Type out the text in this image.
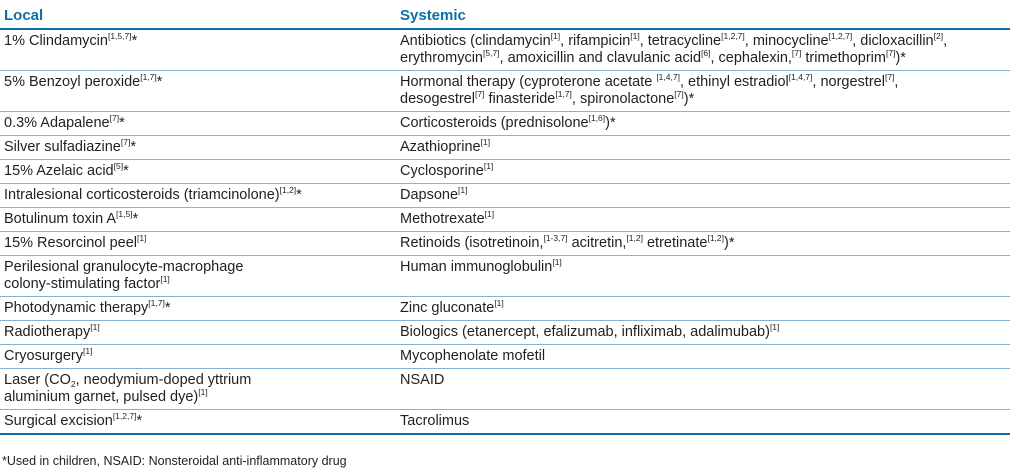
Local	Systemic
1% Clindamycin[1,5,7]*	Antibiotics (clindamycin[1], rifampicin[1], tetracycline[1,2,7], minocycline[1,2,7], dicloxacillin[2],
erythromycin[5,7], amoxicillin and clavulanic acid[6], cephalexin,[7] trimethoprim[7])*
5% Benzoyl peroxide[1,7]*	Hormonal therapy (cyproterone acetate [1,4,7], ethinyl estradiol[1,4,7], norgestrel[7],
desogestrel[7] finasteride[1,7], spironolactone[7])*
0.3% Adapalene[7]*	Corticosteroids (prednisolone[1,6])*
Silver sulfadiazine[7]*	Azathioprine[1]
15% Azelaic acid[5]*	Cyclosporine[1]
Intralesional corticosteroids (triamcinolone)[1,2]*	Dapsone[1]
Botulinum toxin A[1,5]*	Methotrexate[1]
15% Resorcinol peel[1]	Retinoids (isotretinoin,[1-3,7] acitretin,[1,2] etretinate[1,2])*
Perilesional granulocyte-macrophage
colony-stimulating factor[1]	Human immunoglobulin[1]
Photodynamic therapy[1,7]*	Zinc gluconate[1]
Radiotherapy[1]	Biologics (etanercept, efalizumab, infliximab, adalimubab)[1]
Cryosurgery[1]	Mycophenolate mofetil
Laser ($CO_2$, neodymium-doped yttrium
aluminium garnet, pulsed dye)[1]	NSAID
Surgical excision[1,2,7]*	Tacrolimus
*Used in children, NSAID: Nonsteroidal anti-inflammatory drug
